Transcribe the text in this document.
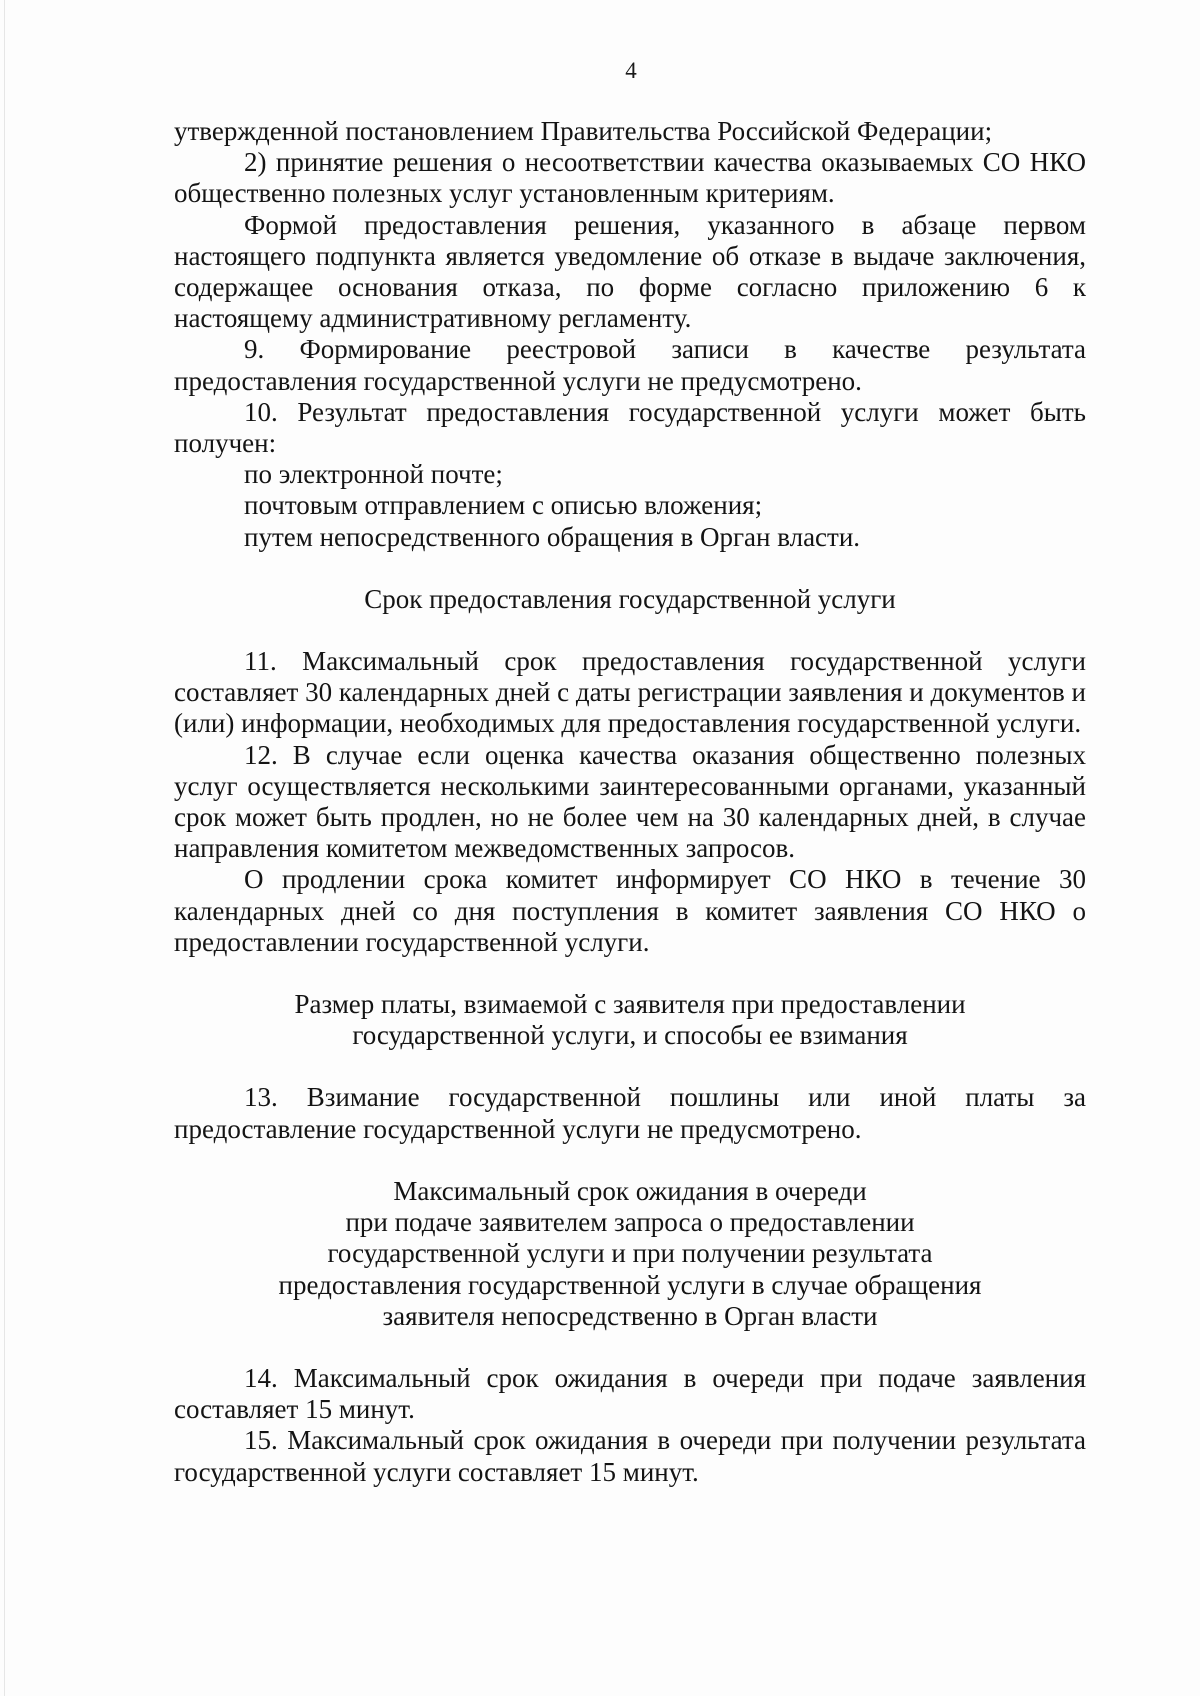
4

утвержденной постановлением Правительства Российской Федерации;

2) принятие решения о несоответствии качества оказываемых СО НКО общественно полезных услуг установленным критериям.

Формой предоставления решения, указанного в абзаце первом настоящего подпункта является уведомление об отказе в выдаче заключения, содержащее основания отказа, по форме согласно приложению 6 к настоящему административному регламенту.

9. Формирование реестровой записи в качестве результата предоставления государственной услуги не предусмотрено.

10. Результат предоставления государственной услуги может быть получен:

по электронной почте;

почтовым отправлением с описью вложения;

путем непосредственного обращения в Орган власти.

Срок предоставления государственной услуги

11. Максимальный срок предоставления государственной услуги составляет 30 календарных дней с даты регистрации заявления и документов и (или) информации, необходимых для предоставления государственной услуги.

12. В случае если оценка качества оказания общественно полезных услуг осуществляется несколькими заинтересованными органами, указанный срок может быть продлен, но не более чем на 30 календарных дней, в случае направления комитетом межведомственных запросов.

О продлении срока комитет информирует СО НКО в течение 30 календарных дней со дня поступления в комитет заявления СО НКО о предоставлении государственной услуги.

Размер платы, взимаемой с заявителя при предоставлении

государственной услуги, и способы ее взимания

13. Взимание государственной пошлины или иной платы за предоставление государственной услуги не предусмотрено.

Максимальный срок ожидания в очереди

при подаче заявителем запроса о предоставлении

государственной услуги и при получении результата

предоставления государственной услуги в случае обращения

заявителя непосредственно в Орган власти

14. Максимальный срок ожидания в очереди при подаче заявления составляет 15 минут.

15. Максимальный срок ожидания в очереди при получении результата государственной услуги составляет 15 минут.
